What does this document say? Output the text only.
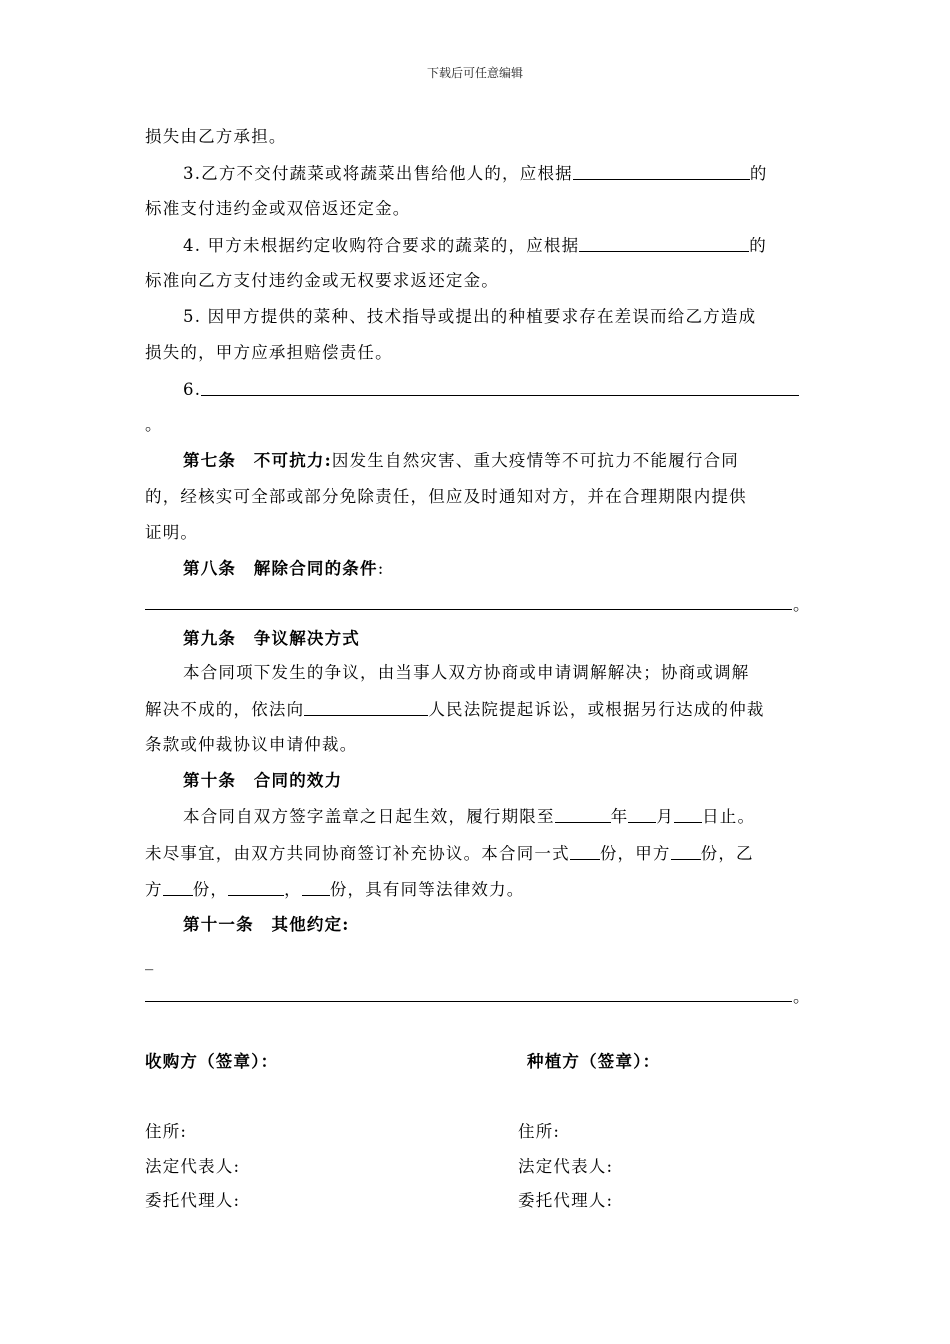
下载后可任意编辑
损失由乙方承担。
3.乙方不交付蔬菜或将蔬菜出售给他人的，应根据	的
标准支付违约金或双倍返还定金。
4. 甲方未根据约定收购符合要求的蔬菜的，应根据	的
标准向乙方支付违约金或无权要求返还定金。
5. 因甲方提供的菜种、技术指导或提出的种植要求存在差误而给乙方造成
损失的，甲方应承担赔偿责任。
6.
。
第七条　不可抗力:因发生自然灾害、重大疫情等不可抗力不能履行合同
的，经核实可全部或部分免除责任，但应及时通知对方，并在合理期限内提供
证明。
第八条　解除合同的条件:
。
第九条　争议解决方式
本合同项下发生的争议，由当事人双方协商或申请调解解决；协商或调解
解决不成的，依法向	人民法院提起诉讼，或根据另行达成的仲裁
条款或仲裁协议申请仲裁。
第十条　合同的效力
本合同自双方签字盖章之日起生效，履行期限至	年 月 日止。
未尽事宜，由双方共同协商签订补充协议。本合同一式 份，甲方 份，乙
方 份，	， 份，具有同等法律效力。
第十一条　其他约定:
_
。
收购方（签章）：	种植方（签章）：
住所:	住所:
法定代表人:	法定代表人:
委托代理人:	委托代理人:
